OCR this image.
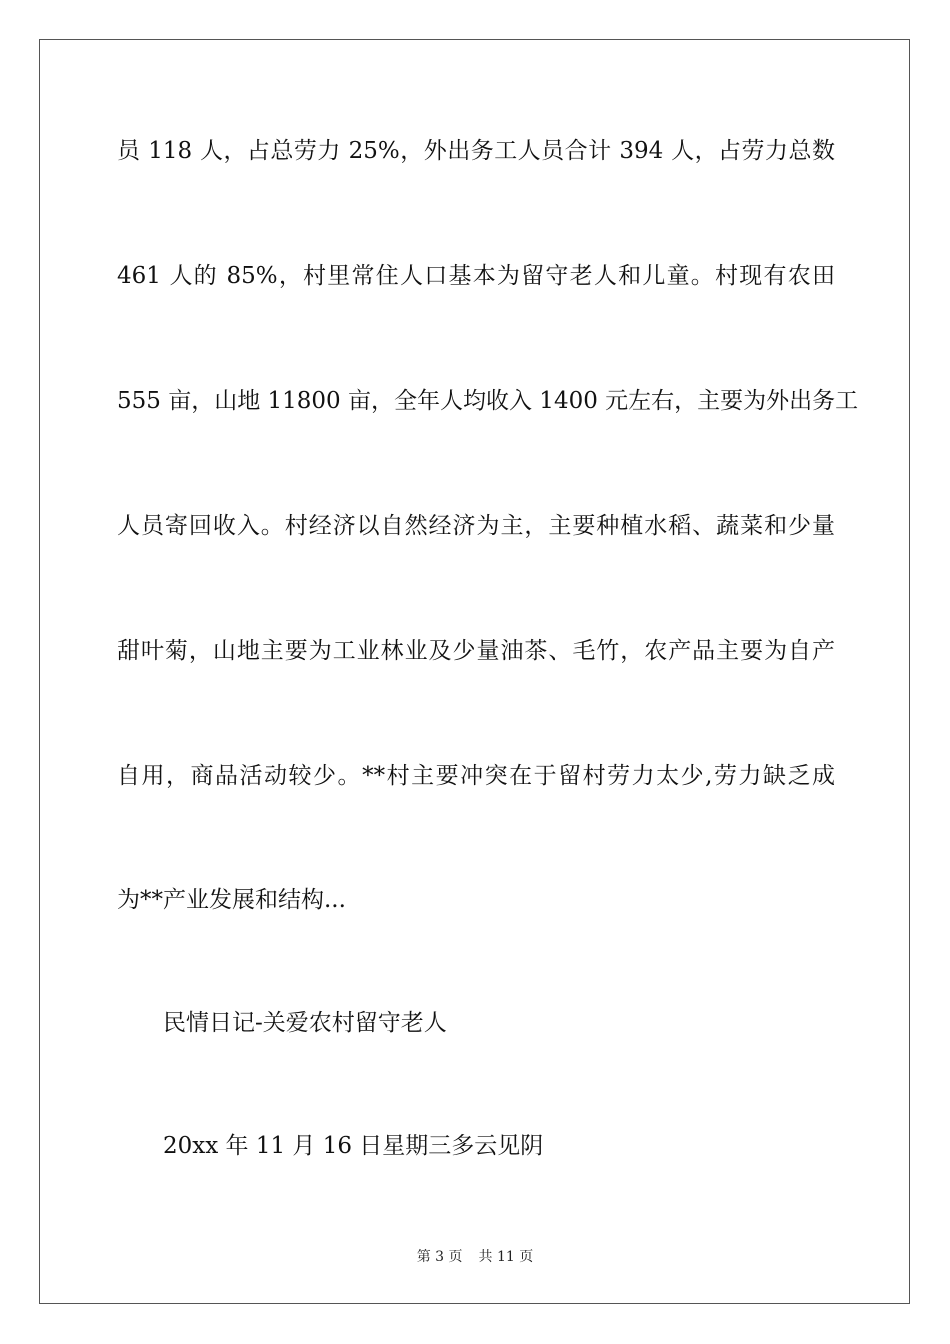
员 118 人，占总劳力 25%，外出务工人员合计 394 人，占劳力总数
461 人的 85%，村里常住人口基本为留守老人和儿童。村现有农田
555 亩，山地 11800 亩，全年人均收入 1400 元左右，主要为外出务工
人员寄回收入。村经济以自然经济为主，主要种植水稻、蔬菜和少量
甜叶菊，山地主要为工业林业及少量油茶、毛竹，农产品主要为自产
自用，商品活动较少。**村主要冲突在于留村劳力太少,劳力缺乏成
为**产业发展和结构...
民情日记-关爱农村留守老人
20xx 年 11 月 16 日星期三多云见阴
第 3 页 共 11 页
